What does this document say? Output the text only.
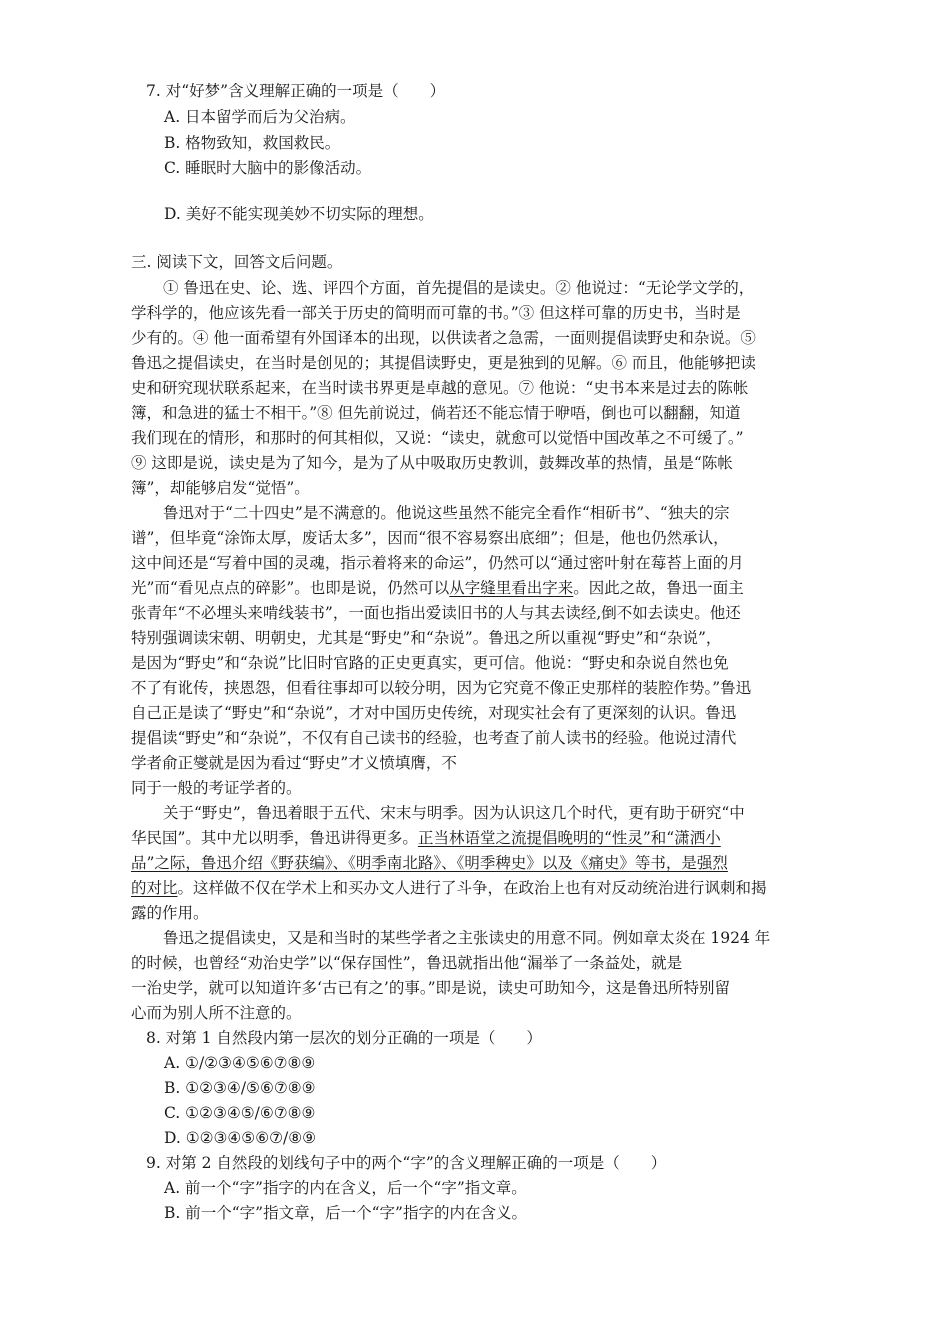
7. 对“好梦”含义理解正确的一项是（　　）
A. 日本留学而后为父治病。
B. 格物致知，救国救民。
C. 睡眠时大脑中的影像活动。
D. 美好不能实现美妙不切实际的理想。
三. 阅读下文，回答文后问题。
① 鲁迅在史、论、选、评四个方面，首先提倡的是读史。② 他说过：“无论学文学的，
学科学的，他应该先看一部关于历史的简明而可靠的书。”③ 但这样可靠的历史书，当时是
少有的。④ 他一面希望有外国译本的出现，以供读者之急需，一面则提倡读野史和杂说。⑤
鲁迅之提倡读史，在当时是创见的；其提倡读野史，更是独到的见解。⑥ 而且，他能够把读
史和研究现状联系起来，在当时读书界更是卓越的意见。⑦ 他说：“史书本来是过去的陈帐
簿，和急进的猛士不相干。”⑧ 但先前说过，倘若还不能忘情于咿唔，倒也可以翻翻，知道
我们现在的情形，和那时的何其相似，又说：“读史，就愈可以觉悟中国改革之不可缓了。”
⑨ 这即是说，读史是为了知今，是为了从中吸取历史教训，鼓舞改革的热情，虽是“陈帐
簿”，却能够启发“觉悟”。
鲁迅对于“二十四史”是不满意的。他说这些虽然不能完全看作“相斫书”、“独夫的宗
谱”，但毕竟“涂饰太厚，废话太多”，因而“很不容易察出底细”；但是，他也仍然承认，
这中间还是“写着中国的灵魂，指示着将来的命运”，仍然可以“通过密叶射在莓苔上面的月
光”而“看见点点的碎影”。也即是说，仍然可以从字缝里看出字来。因此之故，鲁迅一面主
张青年“不必埋头来啃线装书”，一面也指出爱读旧书的人与其去读经,倒不如去读史。他还
特别强调读宋朝、明朝史，尤其是“野史”和“杂说”。鲁迅之所以重视“野史”和“杂说”，
是因为“野史”和“杂说”比旧时官路的正史更真实，更可信。他说：“野史和杂说自然也免
不了有讹传，挟恩怨，但看往事却可以较分明，因为它究竟不像正史那样的装腔作势。”鲁迅
自己正是读了“野史”和“杂说”，才对中国历史传统，对现实社会有了更深刻的认识。鲁迅
提倡读“野史”和“杂说”，不仅有自己读书的经验，也考查了前人读书的经验。他说过清代
学者俞正燮就是因为看过“野史”才义愤填膺，不
同于一般的考证学者的。
关于“野史”，鲁迅着眼于五代、宋末与明季。因为认识这几个时代，更有助于研究“中
华民国”。其中尤以明季，鲁迅讲得更多。正当林语堂之流提倡晚明的“性灵”和“潇洒小
品”之际，鲁迅介绍《野获编》、《明季南北路》、《明季稗史》以及《痛史》等书，是强烈
的对比。这样做不仅在学术上和买办文人进行了斗争，在政治上也有对反动统治进行讽刺和揭
露的作用。
鲁迅之提倡读史，又是和当时的某些学者之主张读史的用意不同。例如章太炎在 1924 年
的时候，也曾经“劝治史学”以“保存国性”，鲁迅就指出他“漏举了一条益处，就是
一治史学，就可以知道许多‘古已有之’的事。”即是说，读史可助知今，这是鲁迅所特别留
心而为别人所不注意的。
8. 对第 1 自然段内第一层次的划分正确的一项是（　　）
A. ①/②③④⑤⑥⑦⑧⑨
B. ①②③④/⑤⑥⑦⑧⑨
C. ①②③④⑤/⑥⑦⑧⑨
D. ①②③④⑤⑥⑦/⑧⑨
9. 对第 2 自然段的划线句子中的两个“字”的含义理解正确的一项是（　　）
A. 前一个“字”指字的内在含义，后一个“字”指文章。
B. 前一个“字”指文章，后一个“字”指字的内在含义。
